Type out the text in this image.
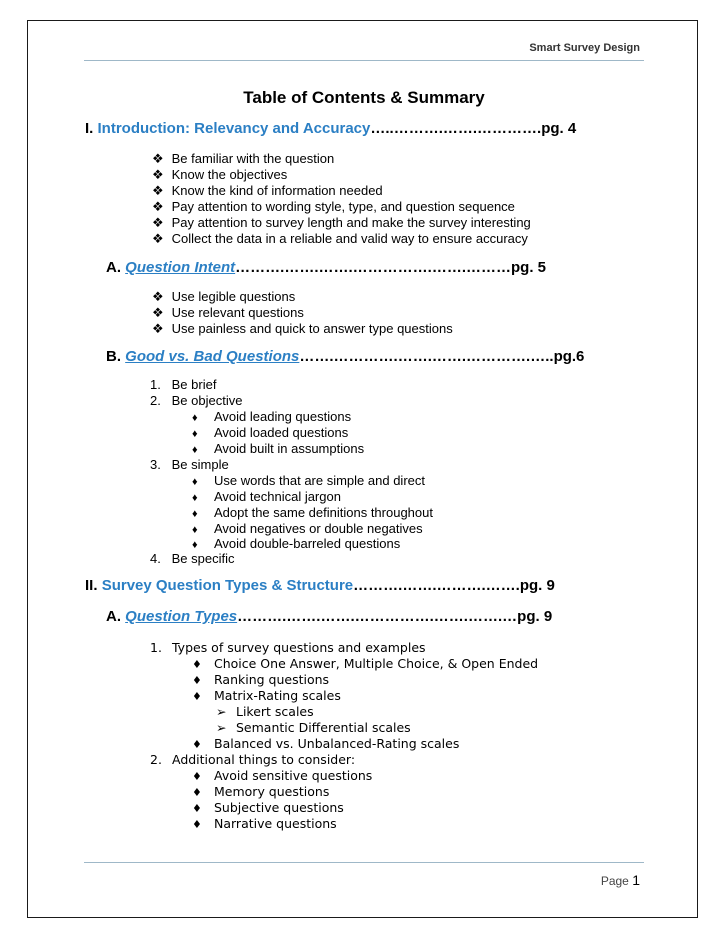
Smart Survey Design
Table of Contents & Summary
I. Introduction: Relevancy and Accuracy…..……….…….………….pg. 4
❖ Be familiar with the question
❖ Know the objectives
❖ Know the kind of information needed
❖ Pay attention to wording style, type, and question sequence
❖ Pay attention to survey length and make the survey interesting
❖ Collect the data in a reliable and valid way to ensure accuracy
A. Question Intent……….…….…….…………….…….………pg. 5
❖ Use legible questions
❖ Use relevant questions
❖ Use painless and quick to answer type questions
B. Good vs. Bad Questions…….………….…….…….………….…..pg.6
1. Be brief
2. Be objective
♦ Avoid leading questions
♦ Avoid loaded questions
♦ Avoid built in assumptions
3. Be simple
♦ Use words that are simple and direct
♦ Avoid technical jargon
♦ Adopt the same definitions throughout
♦ Avoid negatives or double negatives
♦ Avoid double-barreled questions
4. Be specific
II. Survey Question Types & Structure……….…….……….…….pg. 9
A. Question Types……….…….…….…………….…….…….…pg. 9
1. Types of survey questions and examples
♦ Choice One Answer, Multiple Choice, & Open Ended
♦ Ranking questions
♦ Matrix-Rating scales
➢ Likert scales
➢ Semantic Differential scales
♦ Balanced vs. Unbalanced-Rating scales
2. Additional things to consider:
♦ Avoid sensitive questions
♦ Memory questions
♦ Subjective questions
♦ Narrative questions
Page 1
